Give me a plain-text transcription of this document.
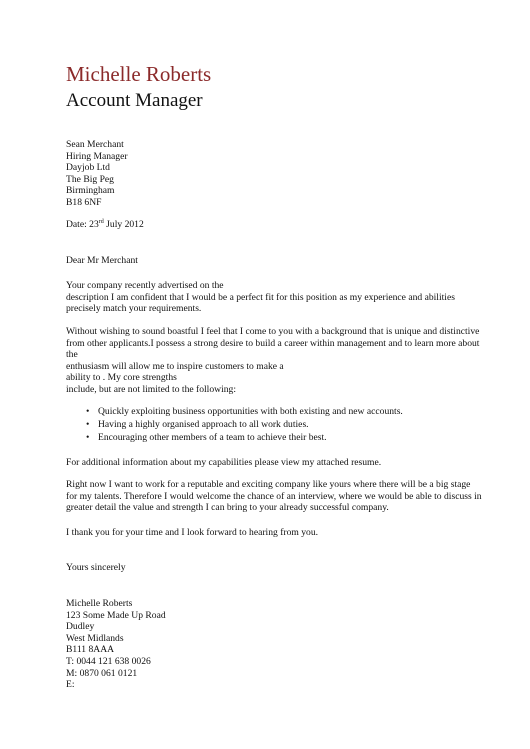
Michelle Roberts
Account Manager
Sean Merchant
Hiring Manager
Dayjob Ltd
The Big Peg
Birmingham
B18 6NF
Date: 23rd July 2012
Dear Mr Merchant
Your company recently advertised on the
description I am confident that I would be a perfect fit for this position as my experience and abilities
precisely match your requirements.
Without wishing to sound boastful I feel that I come to you with a background that is unique and distinctive
from other applicants.I possess a strong desire to build a career within management and to learn more about
the
enthusiasm will allow me to inspire customers to make a
ability to . My core strengths
include, but are not limited to the following:
• Quickly exploiting business opportunities with both existing and new accounts.
• Having a highly organised approach to all work duties.
• Encouraging other members of a team to achieve their best.
For additional information about my capabilities please view my attached resume.
Right now I want to work for a reputable and exciting company like yours where there will be a big stage
for my talents. Therefore I would welcome the chance of an interview, where we would be able to discuss in
greater detail the value and strength I can bring to your already successful company.
I thank you for your time and I look forward to hearing from you.
Yours sincerely
Michelle Roberts
123 Some Made Up Road
Dudley
West Midlands
B111 8AAA
T: 0044 121 638 0026
M: 0870 061 0121
E:
